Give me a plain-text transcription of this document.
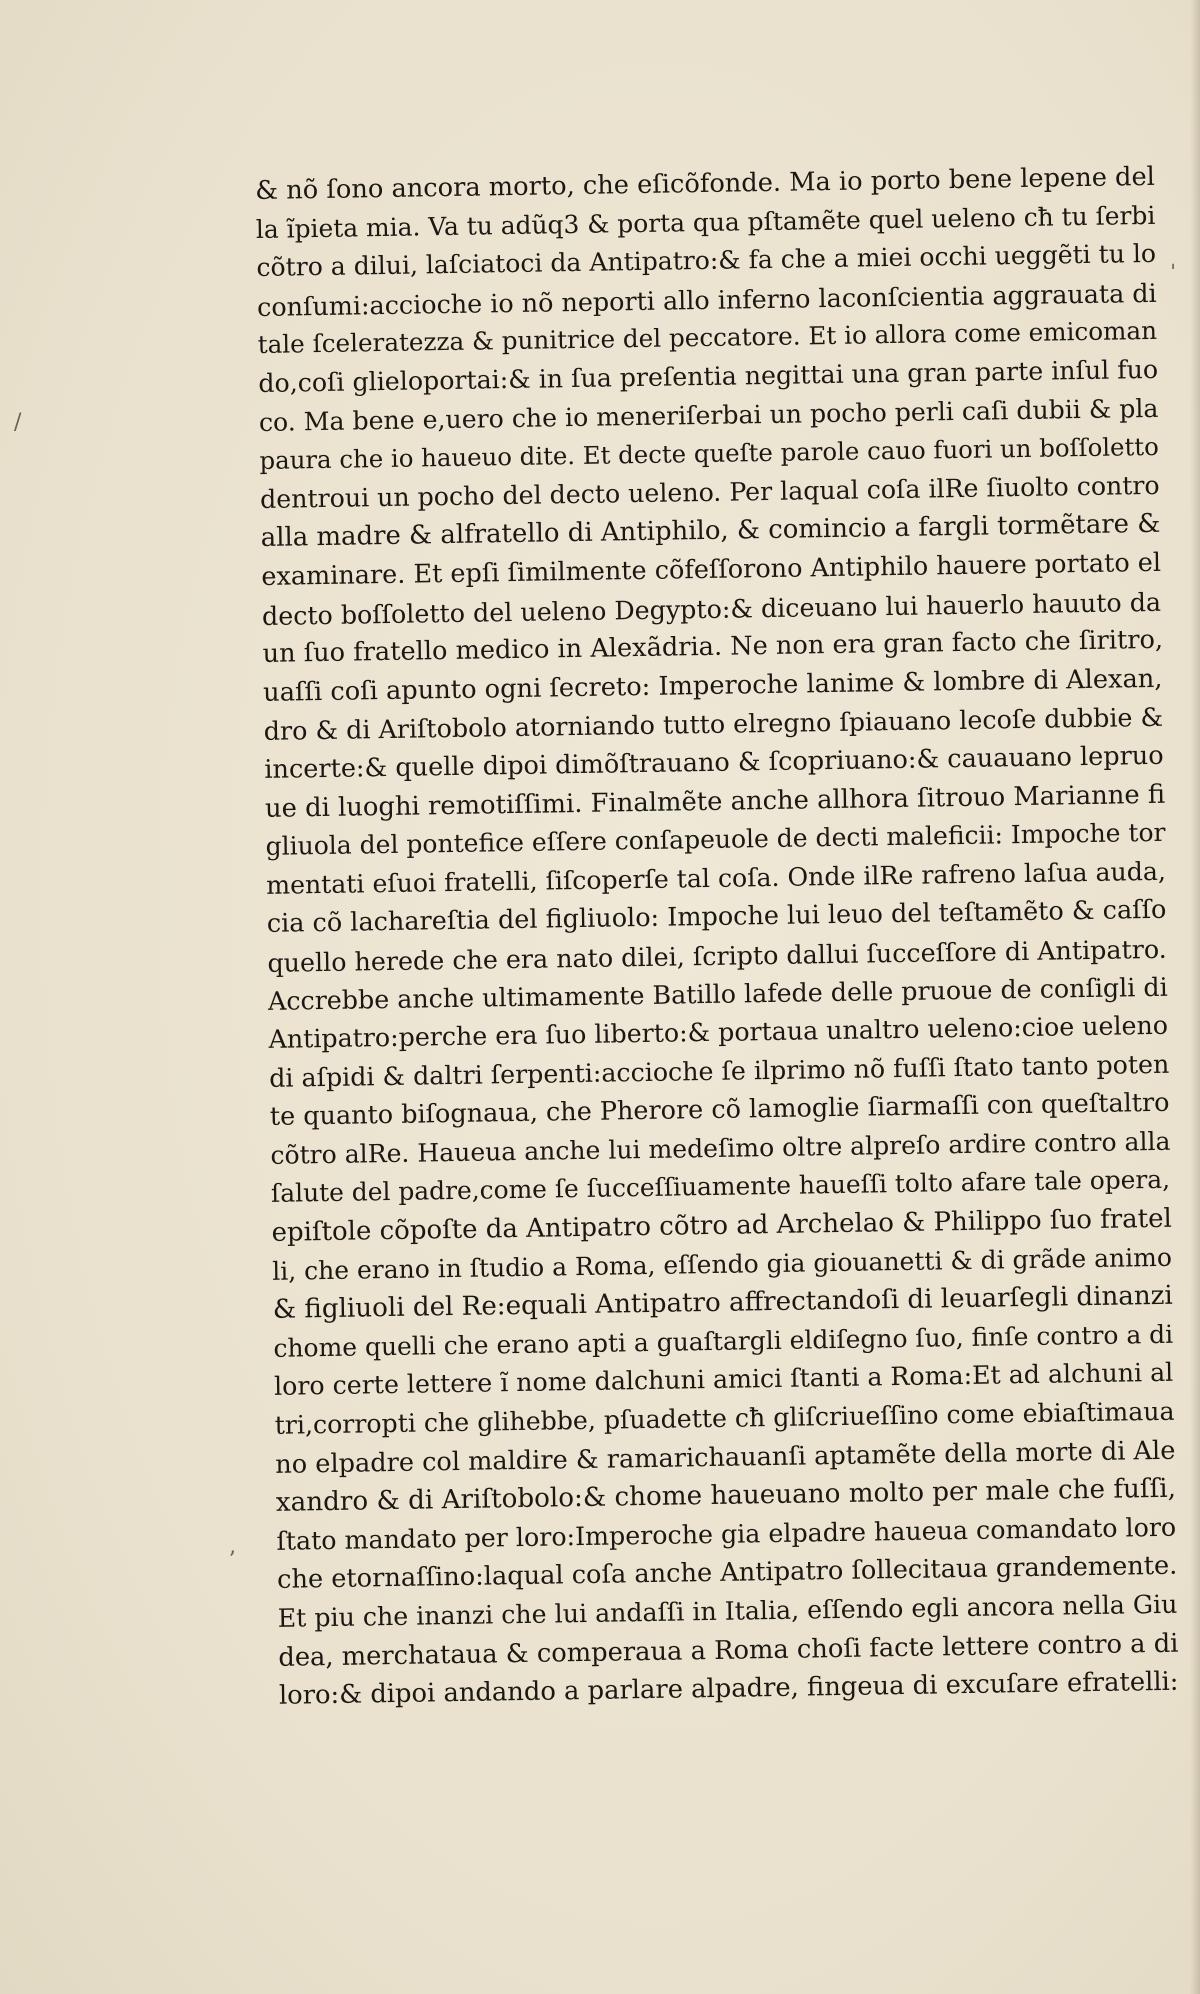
/
ˈ
ʼ
& nõ ſono ancora morto, che eſicõfonde. Ma io porto bene lepene del
la ĩpieta mia. Va tu adũq3 & porta qua pſtamẽte quel ueleno cħ tu ſerbi
cõtro a dilui, laſciatoci da Antipatro:& fa che a miei occhi ueggẽti tu lo
conſumi:accioche io nõ neporti allo inferno laconſcientia aggrauata di
tale ſceleratezza & punitrice del peccatore. Et io allora come emicoman
do,coſi glieloportai:& in ſua preſentia negittai una gran parte inſul fuo
co. Ma bene e,uero che io meneriſerbai un pocho perli caſi dubii & pla
paura che io haueuo dite. Et decte queſte parole cauo fuori un boſſoletto
dentroui un pocho del decto ueleno. Per laqual coſa ilRe ſiuolto contro
alla madre & alfratello di Antiphilo, & comincio a fargli tormẽtare &
examinare. Et epſi ſimilmente cõfeſſorono Antiphilo hauere portato el
decto boſſoletto del ueleno Degypto:& diceuano lui hauerlo hauuto da
un ſuo fratello medico in Alexãdria. Ne non era gran facto che ſiritro,
uaſſi coſi apunto ogni ſecreto: Imperoche lanime & lombre di Alexan,
dro & di Ariſtobolo atorniando tutto elregno ſpiauano lecoſe dubbie &
incerte:& quelle dipoi dimõſtrauano & ſcopriuano:& cauauano lepruo
ue di luoghi remotiſſimi. Finalmẽte anche allhora ſitrouo Marianne fi
gliuola del pontefice eſſere conſapeuole de decti maleficii: Impoche tor
mentati eſuoi fratelli, ſiſcoperſe tal coſa. Onde ilRe rafreno laſua auda,
cia cõ lachareſtia del figliuolo: Impoche lui leuo del teſtamẽto & caſſo
quello herede che era nato dilei, ſcripto dallui ſucceſſore di Antipatro.
Accrebbe anche ultimamente Batillo lafede delle pruoue de conſigli di
Antipatro:perche era ſuo liberto:& portaua unaltro ueleno:cioe ueleno
di aſpidi & daltri ſerpenti:accioche ſe ilprimo nõ fuſſi ſtato tanto poten
te quanto biſognaua, che Pherore cõ lamoglie ſiarmaſſi con queſtaltro
cõtro alRe. Haueua anche lui medeſimo oltre alpreſo ardire contro alla
ſalute del padre,come ſe ſucceſſiuamente haueſſi tolto afare tale opera,
epiſtole cõpoſte da Antipatro cõtro ad Archelao & Philippo ſuo fratel
li, che erano in ſtudio a Roma, eſſendo gia giouanetti & di grãde animo
& figliuoli del Re:equali Antipatro affrectandoſi di leuarſegli dinanzi
chome quelli che erano apti a guaſtargli eldiſegno ſuo, finſe contro a di
loro certe lettere ĩ nome dalchuni amici ſtanti a Roma:Et ad alchuni al
tri,corropti che glihebbe, pſuadette cħ gliſcriueſſino come ebiaſtimaua
no elpadre col maldire & ramarichauanſi aptamẽte della morte di Ale
xandro & di Ariſtobolo:& chome haueuano molto per male che fuſſi,
ſtato mandato per loro:Imperoche gia elpadre haueua comandato loro
che etornaſſino:laqual coſa anche Antipatro ſollecitaua grandemente.
Et piu che inanzi che lui andaſſi in Italia, eſſendo egli ancora nella Giu
dea, merchataua & comperaua a Roma choſi facte lettere contro a di
loro:& dipoi andando a parlare alpadre, fingeua di excuſare efratelli:
